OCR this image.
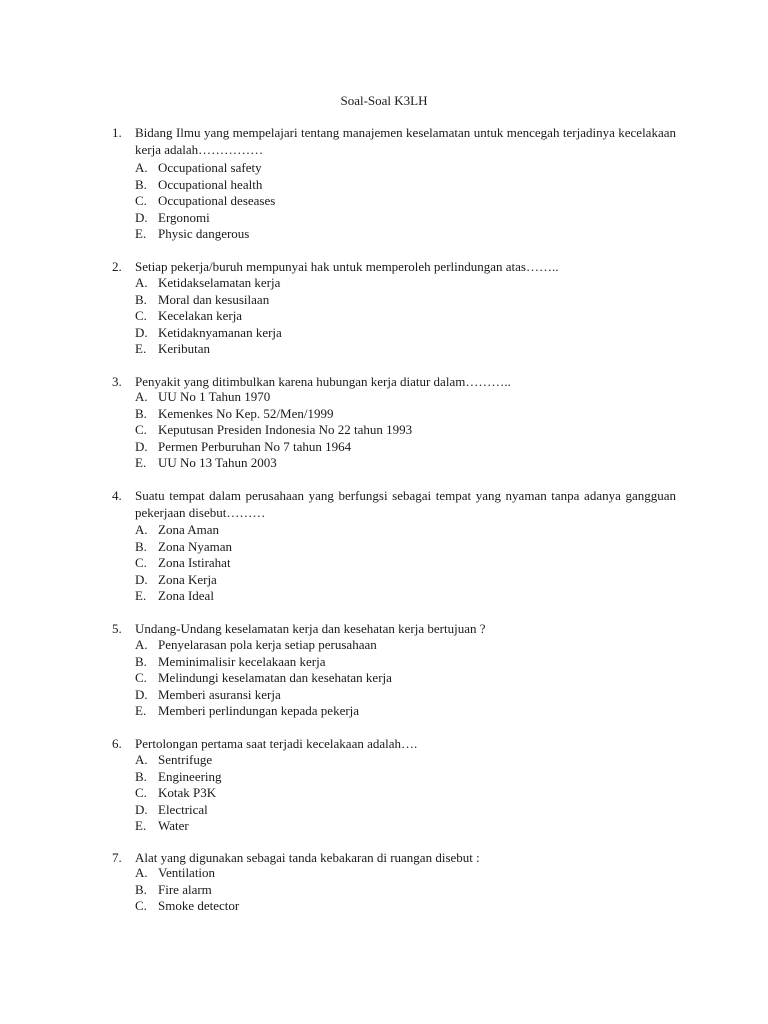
Soal-Soal K3LH
1.	Bidang Ilmu yang mempelajari tentang manajemen keselamatan untuk mencegah terjadinya kecelakaan kerja adalah……………
A. Occupational safety
B. Occupational health
C. Occupational deseases
D. Ergonomi
E. Physic dangerous
2.	Setiap pekerja/buruh mempunyai hak untuk memperoleh perlindungan atas……..
A. Ketidakselamatan kerja
B. Moral dan kesusilaan
C. Kecelakan kerja
D. Ketidaknyamanan kerja
E. Keributan
3.	Penyakit yang ditimbulkan karena hubungan kerja diatur dalam………..
A. UU No 1 Tahun 1970
B. Kemenkes No Kep. 52/Men/1999
C. Keputusan Presiden Indonesia No 22 tahun 1993
D. Permen Perburuhan No 7 tahun 1964
E. UU No 13 Tahun 2003
4.	Suatu tempat dalam perusahaan yang berfungsi sebagai tempat yang nyaman tanpa adanya gangguan pekerjaan disebut………
A. Zona Aman
B. Zona Nyaman
C. Zona Istirahat
D. Zona Kerja
E. Zona Ideal
5.	Undang-Undang keselamatan kerja dan kesehatan kerja bertujuan ?
A. Penyelarasan pola kerja setiap perusahaan
B. Meminimalisir kecelakaan kerja
C. Melindungi keselamatan dan kesehatan kerja
D. Memberi asuransi kerja
E. Memberi perlindungan kepada pekerja
6.	Pertolongan pertama saat terjadi kecelakaan adalah….
A. Sentrifuge
B. Engineering
C. Kotak P3K
D. Electrical
E. Water
7.	Alat yang digunakan sebagai tanda kebakaran di ruangan disebut :
A. Ventilation
B. Fire alarm
C. Smoke detector
